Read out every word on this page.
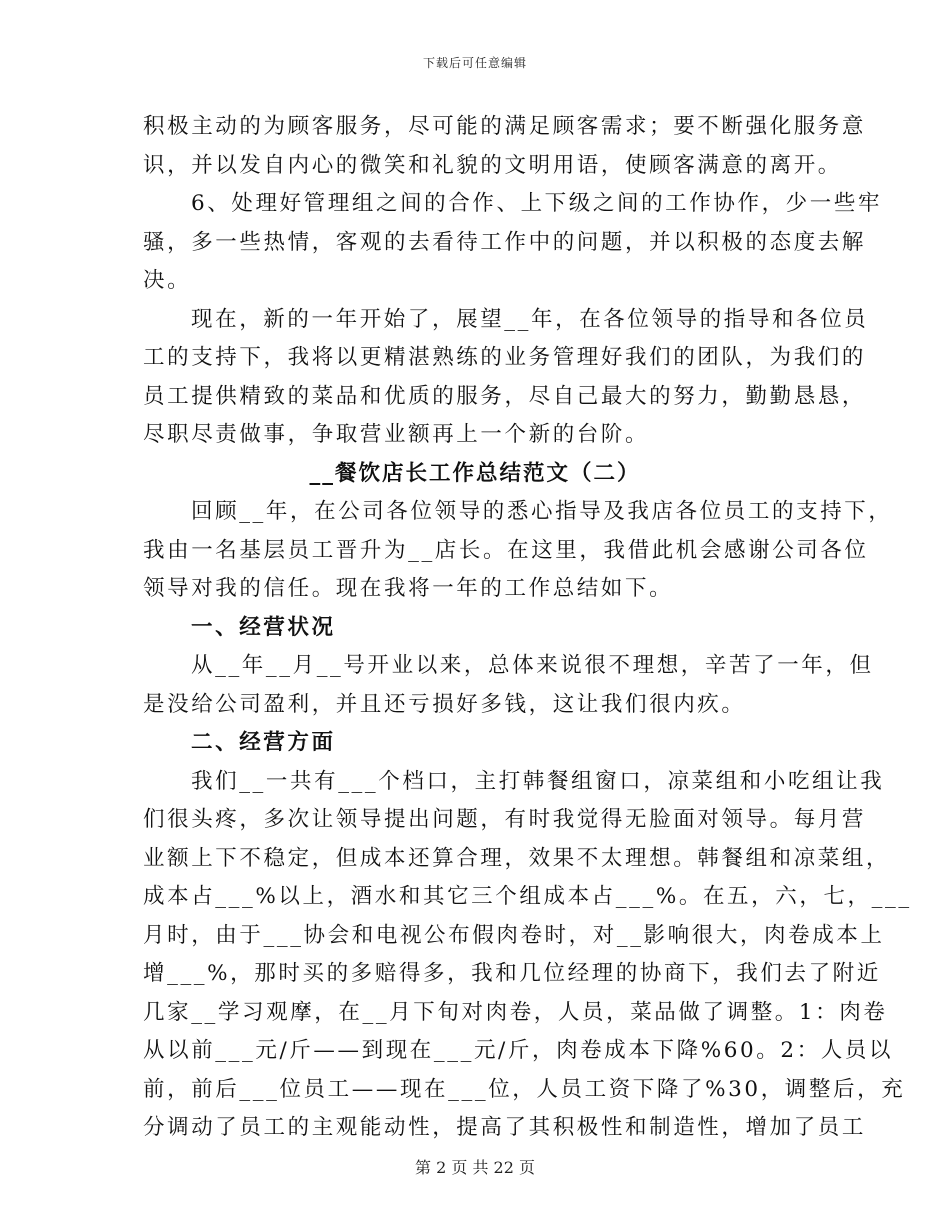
下载后可任意编辑

积极主动的为顾客服务，尽可能的满足顾客需求；要不断强化服务意
识，并以发自内心的微笑和礼貌的文明用语，使顾客满意的离开。

6、处理好管理组之间的合作、上下级之间的工作协作，少一些牢
骚，多一些热情，客观的去看待工作中的问题，并以积极的态度去解
决。

现在，新的一年开始了，展望__年，在各位领导的指导和各位员
工的支持下，我将以更精湛熟练的业务管理好我们的团队，为我们的
员工提供精致的菜品和优质的服务，尽自己最大的努力，勤勤恳恳，
尽职尽责做事，争取营业额再上一个新的台阶。

__餐饮店长工作总结范文（二）

回顾__年，在公司各位领导的悉心指导及我店各位员工的支持下，
我由一名基层员工晋升为__店长。在这里，我借此机会感谢公司各位
领导对我的信任。现在我将一年的工作总结如下。

一、经营状况

从__年__月__号开业以来，总体来说很不理想，辛苦了一年，但
是没给公司盈利，并且还亏损好多钱，这让我们很内疚。

二、经营方面

我们__一共有___个档口，主打韩餐组窗口，凉菜组和小吃组让我
们很头疼，多次让领导提出问题，有时我觉得无脸面对领导。每月营
业额上下不稳定，但成本还算合理，效果不太理想。韩餐组和凉菜组，
成本占___%以上，酒水和其它三个组成本占___%。在五，六，七，___
月时，由于___协会和电视公布假肉卷时，对__影响很大，肉卷成本上
增___%，那时买的多赔得多，我和几位经理的协商下，我们去了附近
几家__学习观摩，在__月下旬对肉卷，人员，菜品做了调整。1：肉卷
从以前___元/斤——到现在___元/斤，肉卷成本下降%60。2：人员以
前，前后___位员工——现在___位，人员工资下降了%30，调整后，充
分调动了员工的主观能动性，提高了其积极性和制造性，增加了员工

第 2 页 共 22 页
